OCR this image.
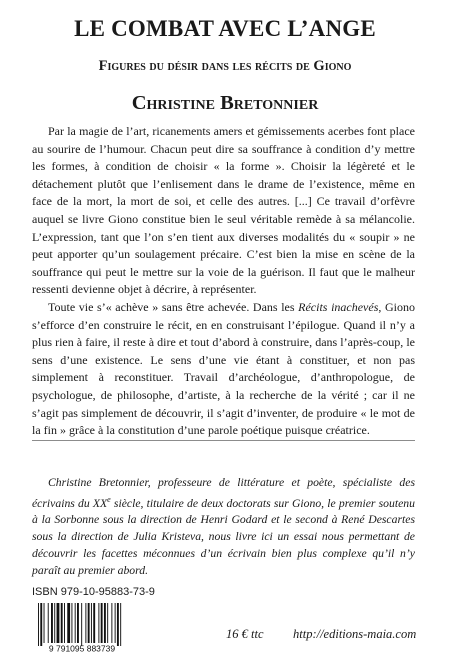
LE COMBAT AVEC L’ANGE
Figures du désir dans les récits de Giono
Christine Bretonnier

Par la magie de l’art, ricanements amers et gémissements acerbes font place au sourire de l’humour. Chacun peut dire sa souffrance à condition d’y mettre les formes, à condition de choisir « la forme ». Choisir la légèreté et le détachement plutôt que l’enlisement dans le drame de l’existence, même en face de la mort, la mort de soi, et celle des autres. [...] Ce travail d’orfèvre auquel se livre Giono constitue bien le seul véritable remède à sa mélancolie. L’expression, tant que l’on s’en tient aux diverses modalités du « soupir » ne peut apporter qu’un soulagement précaire. C’est bien la mise en scène de la souffrance qui peut le mettre sur la voie de la guérison. Il faut que le malheur ressenti devienne objet à décrire, à représenter.

Toute vie s’« achève » sans être achevée. Dans les Récits inachevés, Giono s’efforce d’en construire le récit, en en construisant l’épilogue. Quand il n’y a plus rien à faire, il reste à dire et tout d’abord à construire, dans l’après-coup, le sens d’une existence. Le sens d’une vie étant à constituer, et non pas simplement à reconstituer. Travail d’archéologue, d’anthropologue, de psychologue, de philosophe, d’artiste, à la recherche de la vérité ; car il ne s’agit pas simplement de découvrir, il s’agit d’inventer, de produire « le mot de la fin » grâce à la constitution d’une parole poétique puisque créatrice.

Christine Bretonnier, professeure de littérature et poète, spécialiste des écrivains du XXe siècle, titulaire de deux doctorats sur Giono, le premier soutenu à la Sorbonne sous la direction de Henri Godard et le second à René Descartes sous la direction de Julia Kristeva, nous livre ici un essai nous permettant de découvrir les facettes méconnues d’un écrivain bien plus complexe qu’il n’y paraît au premier abord.

ISBN 979-10-95883-73-9
9 791095 883739
16 € ttc http://editions-maia.com
